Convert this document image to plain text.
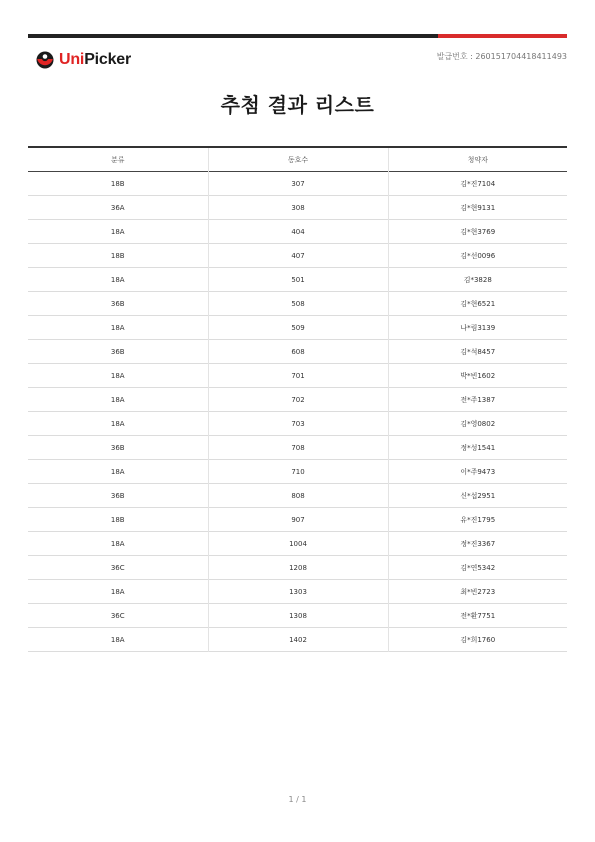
UniPicker	발급번호 : 260151704418411493
추첨 결과 리스트
분류	동호수	청약자
18B	307	김*진7104
36A	308	김*현9131
18A	404	김*현3769
18B	407	김*선0096
18A	501	김*3828
36B	508	김*현6521
18A	509	나*림3139
36B	608	김*석8457
18A	701	박*빈1602
18A	702	전*주1387
18A	703	김*영0802
36B	708	정*성1541
18A	710	이*주9473
36B	808	신*섭2951
18B	907	유*진1795
18A	1004	정*진3367
36C	1208	김*연5342
18A	1303	최*빈2723
36C	1308	전*환7751
18A	1402	김*희1760
1 / 1
